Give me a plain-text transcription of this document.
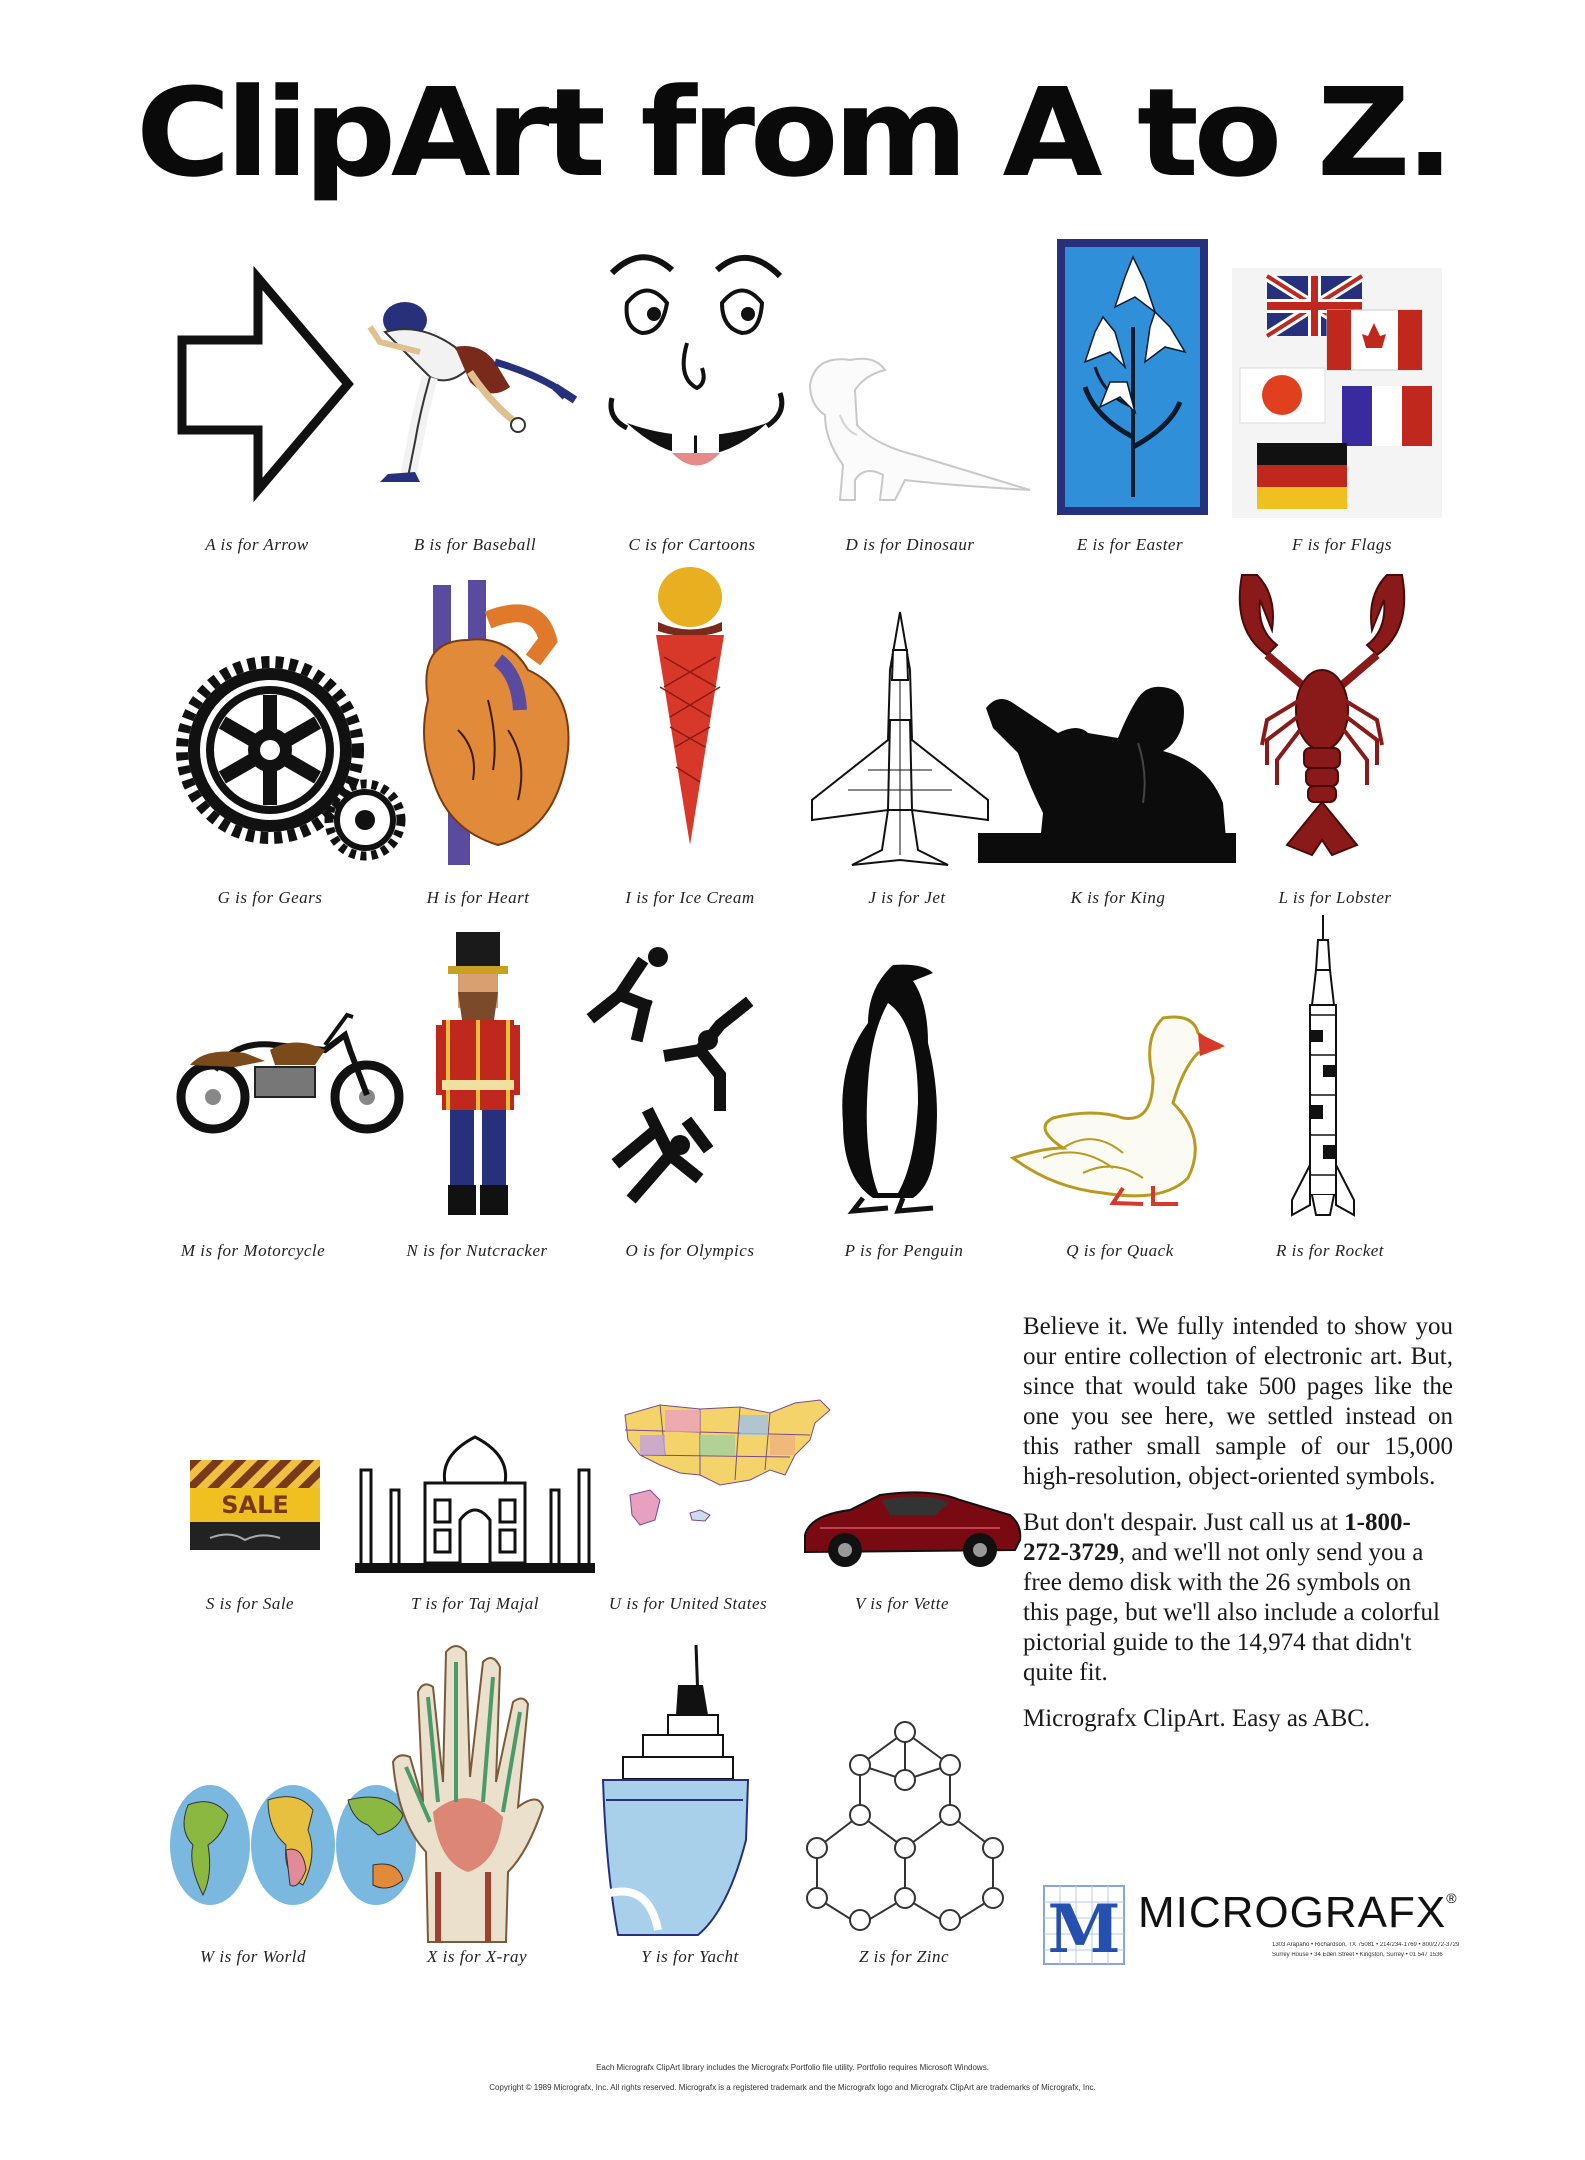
ClipArt from A to Z.
SALE
A is for Arrow	B is for Baseball	C is for Cartoons	D is for Dinosaur	E is for Easter	F is for Flags
G is for Gears	H is for Heart	I is for Ice Cream	J is for Jet	K is for King	L is for Lobster
M is for Motorcycle	N is for Nutcracker	O is for Olympics	P is for Penguin	Q is for Quack	R is for Rocket
S is for Sale	T is for Taj Majal	U is for United States	V is for Vette
W is for World	X is for X-ray	Y is for Yacht	Z is for Zinc

Believe it. We fully intended to show you our entire collection of electronic art. But, since that would take 500 pages like the one you see here, we settled instead on this rather small sample of our 15,000 high-resolution, object-oriented symbols.

But don't despair. Just call us at 1-800-272-3729, and we'll not only send you a free demo disk with the 26 symbols on this page, but we'll also include a colorful pictorial guide to the 14,974 that didn't quite fit.

Micrografx ClipArt. Easy as ABC.

M MICROGRAFX®
1303 Arapaho • Richardson, TX 75081 • 214/234-1769 • 800/272-3729
Surrey House • 34 Eden Street • Kingston, Surrey • 01 547 1536
Each Micrografx ClipArt library includes the Micrografx Portfolio file utility. Portfolio requires Microsoft Windows.
Copyright © 1989 Micrografx, Inc. All rights reserved. Micrografx is a registered trademark and the Micrografx logo and Micrografx ClipArt are trademarks of Micrografx, Inc.
